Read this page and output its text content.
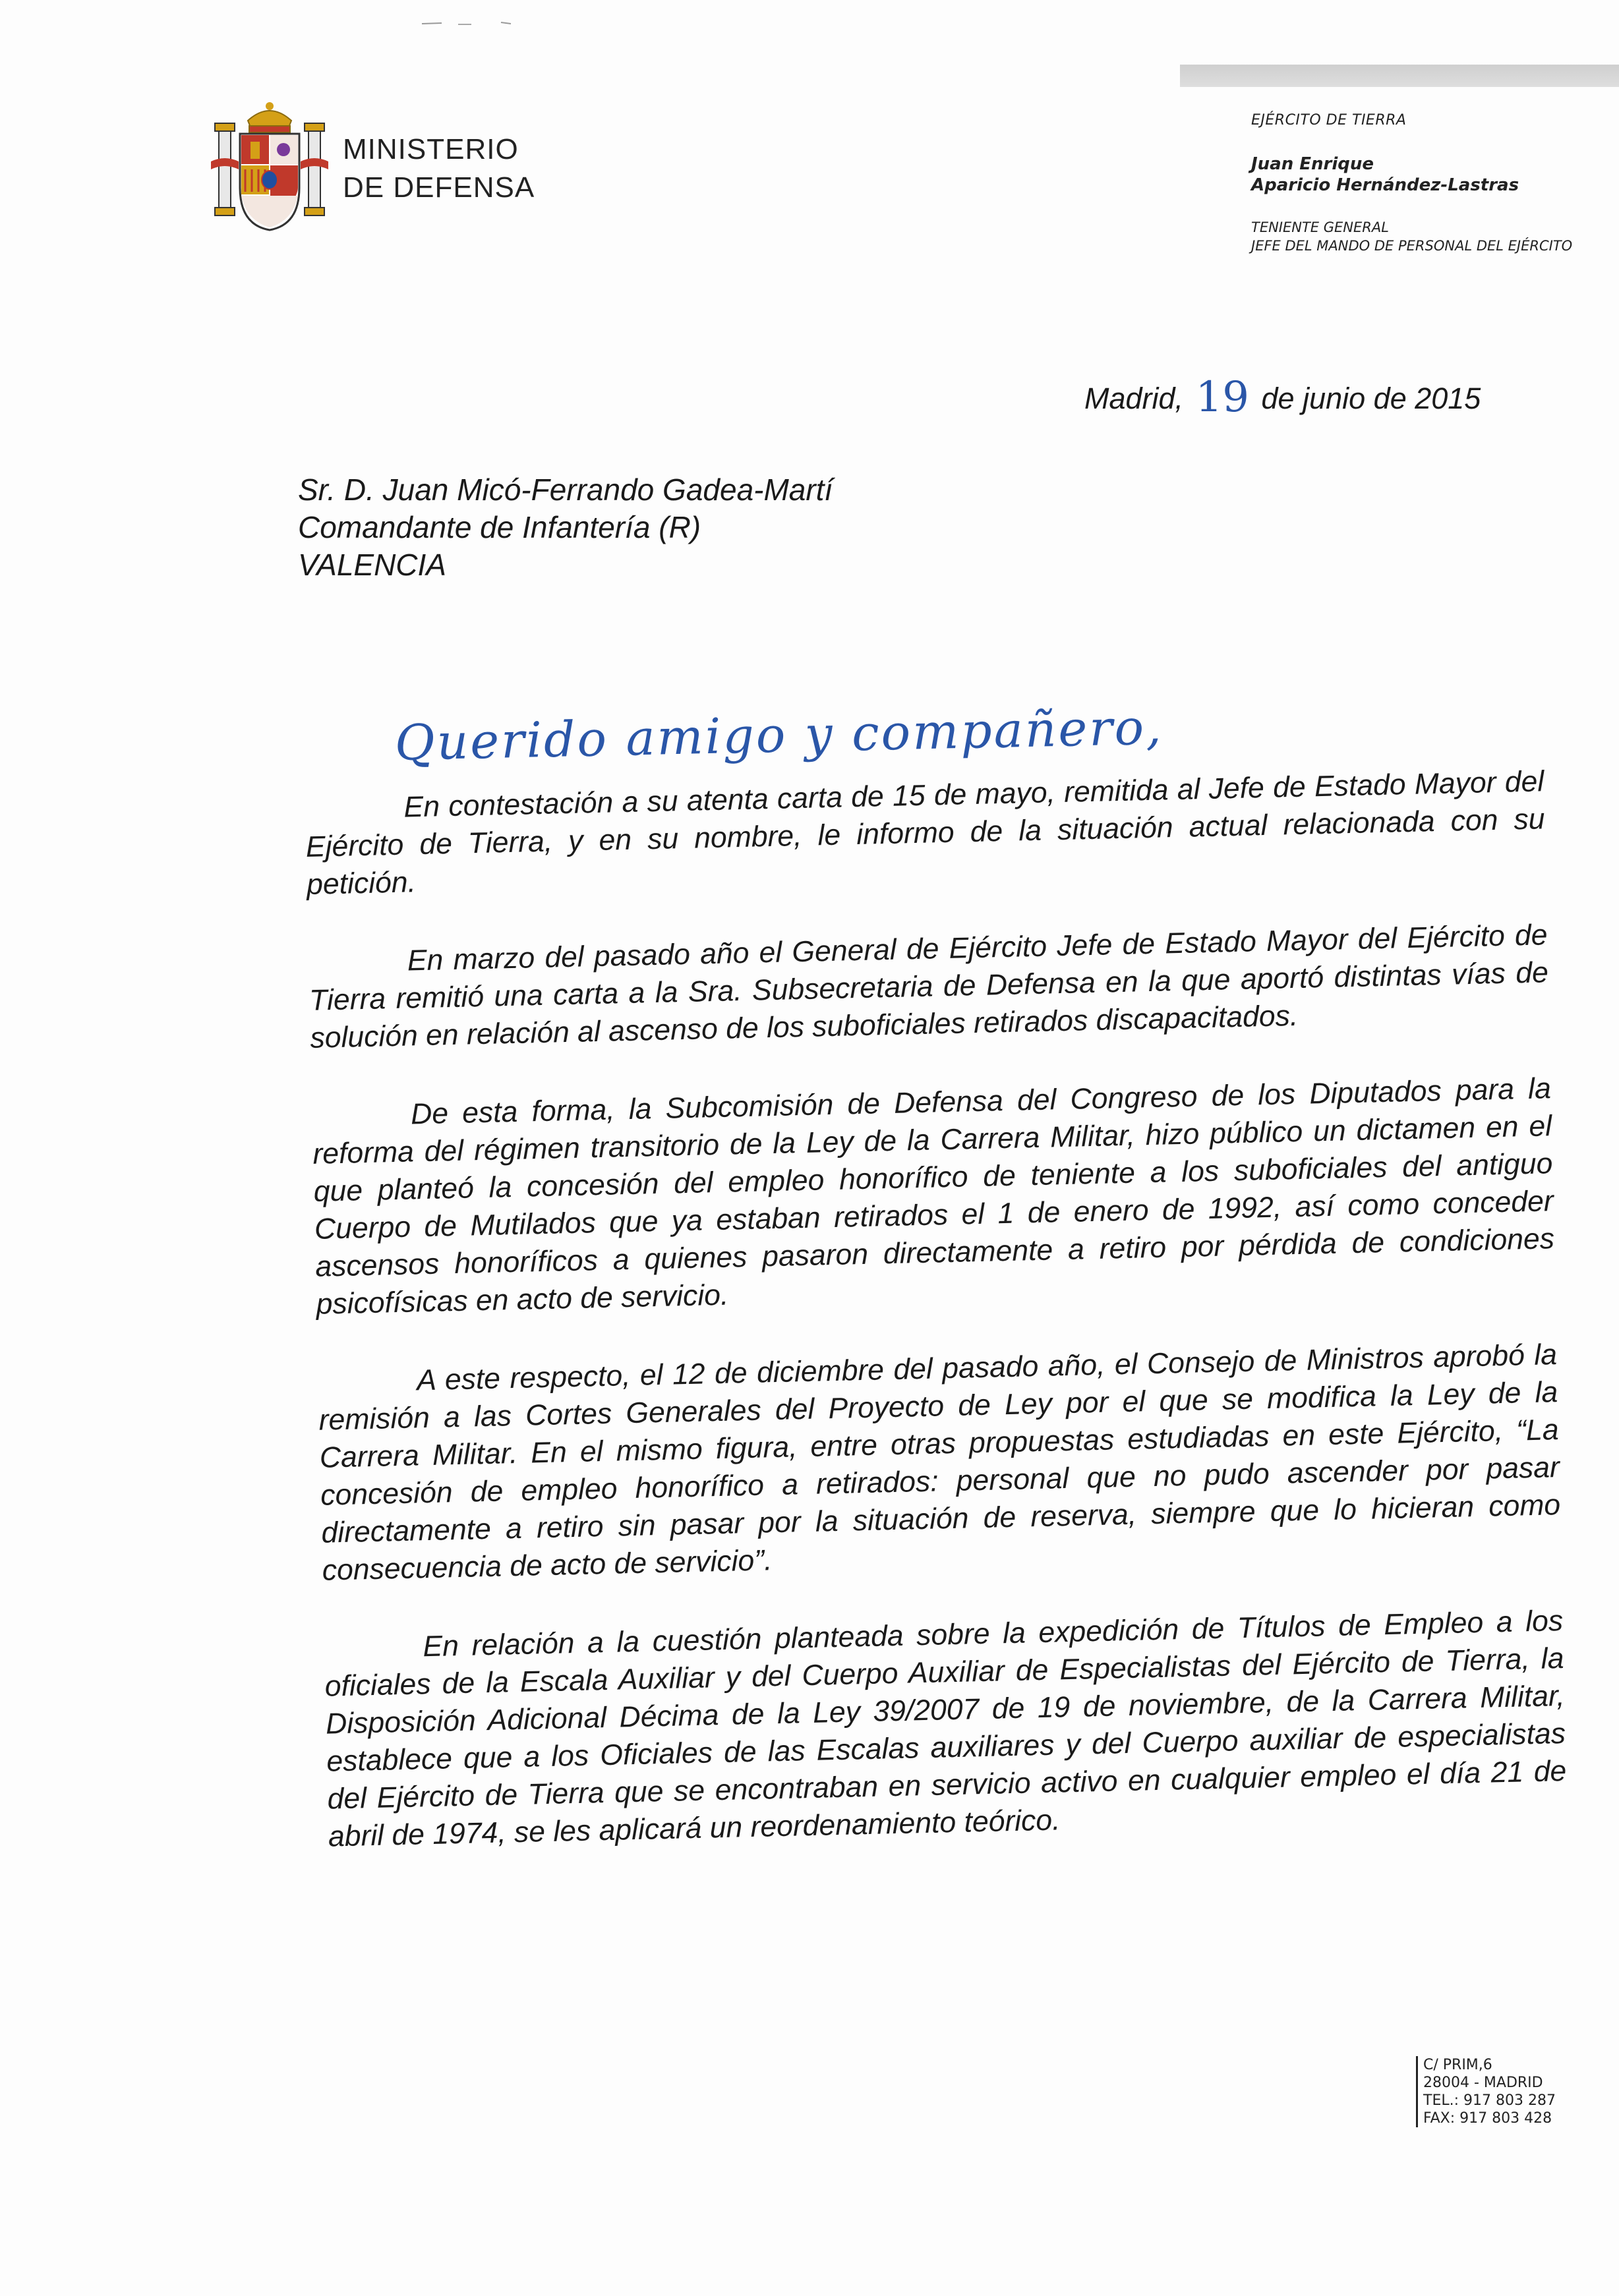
MINISTERIO
DE DEFENSA
EJÉRCITO DE TIERRA
Juan Enrique
Aparicio Hernández-Lastras
TENIENTE GENERAL
JEFE DEL MANDO DE PERSONAL DEL EJÉRCITO
Madrid, 19 de junio de 2015
Sr. D. Juan Micó-Ferrando Gadea-Martí
Comandante de Infantería (R)
VALENCIA
Querido amigo y compañero,

En contestación a su atenta carta de 15 de mayo, remitida al Jefe de Estado Mayor del Ejército de Tierra, y en su nombre, le informo de la situación actual relacionada con su petición.

En marzo del pasado año el General de Ejército Jefe de Estado Mayor del Ejército de Tierra remitió una carta a la Sra. Subsecretaria de Defensa en la que aportó distintas vías de solución en relación al ascenso de los suboficiales retirados discapacitados.

De esta forma, la Subcomisión de Defensa del Congreso de los Diputados para la reforma del régimen transitorio de la Ley de la Carrera Militar, hizo público un dictamen en el que planteó la concesión del empleo honorífico de teniente a los suboficiales del antiguo Cuerpo de Mutilados que ya estaban retirados el 1 de enero de 1992, así como conceder ascensos honoríficos a quienes pasaron directamente a retiro por pérdida de condiciones psicofísicas en acto de servicio.

A este respecto, el 12 de diciembre del pasado año, el Consejo de Ministros aprobó la remisión a las Cortes Generales del Proyecto de Ley por el que se modifica la Ley de la Carrera Militar. En el mismo figura, entre otras propuestas estudiadas en este Ejército, “La concesión de empleo honorífico a retirados: personal que no pudo ascender por pasar directamente a retiro sin pasar por la situación de reserva, siempre que lo hicieran como consecuencia de acto de servicio”.

En relación a la cuestión planteada sobre la expedición de Títulos de Empleo a los oficiales de la Escala Auxiliar y del Cuerpo Auxiliar de Especialistas del Ejército de Tierra, la Disposición Adicional Décima de la Ley 39/2007 de 19 de noviembre, de la Carrera Militar, establece que a los Oficiales de las Escalas auxiliares y del Cuerpo auxiliar de especialistas del Ejército de Tierra que se encontraban en servicio activo en cualquier empleo el día 21 de abril de 1974, se les aplicará un reordenamiento teórico.

C/ PRIM,6
28004 - MADRID
TEL.: 917 803 287
FAX: 917 803 428
